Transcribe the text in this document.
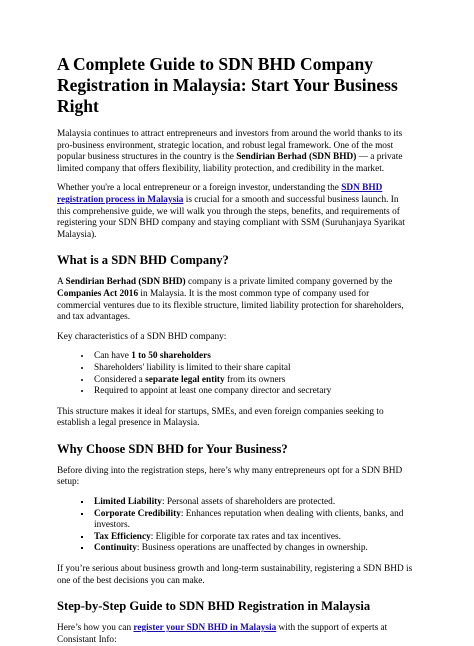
A Complete Guide to SDN BHD Company Registration in Malaysia: Start Your Business Right

Malaysia continues to attract entrepreneurs and investors from around the world thanks to its pro-business environment, strategic location, and robust legal framework. One of the most popular business structures in the country is the Sendirian Berhad (SDN BHD) — a private limited company that offers flexibility, liability protection, and credibility in the market.

Whether you're a local entrepreneur or a foreign investor, understanding the SDN BHD registration process in Malaysia is crucial for a smooth and successful business launch. In this comprehensive guide, we will walk you through the steps, benefits, and requirements of registering your SDN BHD company and staying compliant with SSM (Suruhanjaya Syarikat Malaysia).

What is a SDN BHD Company?

A Sendirian Berhad (SDN BHD) company is a private limited company governed by the Companies Act 2016 in Malaysia. It is the most common type of company used for commercial ventures due to its flexible structure, limited liability protection for shareholders, and tax advantages.

Key characteristics of a SDN BHD company:

• Can have 1 to 50 shareholders
• Shareholders' liability is limited to their share capital
• Considered a separate legal entity from its owners
• Required to appoint at least one company director and secretary

This structure makes it ideal for startups, SMEs, and even foreign companies seeking to establish a legal presence in Malaysia.

Why Choose SDN BHD for Your Business?

Before diving into the registration steps, here’s why many entrepreneurs opt for a SDN BHD setup:

▪ Limited Liability: Personal assets of shareholders are protected.
▪ Corporate Credibility: Enhances reputation when dealing with clients, banks, and investors.
▪ Tax Efficiency: Eligible for corporate tax rates and tax incentives.
▪ Continuity: Business operations are unaffected by changes in ownership.

If you’re serious about business growth and long-term sustainability, registering a SDN BHD is one of the best decisions you can make.

Step-by-Step Guide to SDN BHD Registration in Malaysia

Here’s how you can register your SDN BHD in Malaysia with the support of experts at Consistant Info:
